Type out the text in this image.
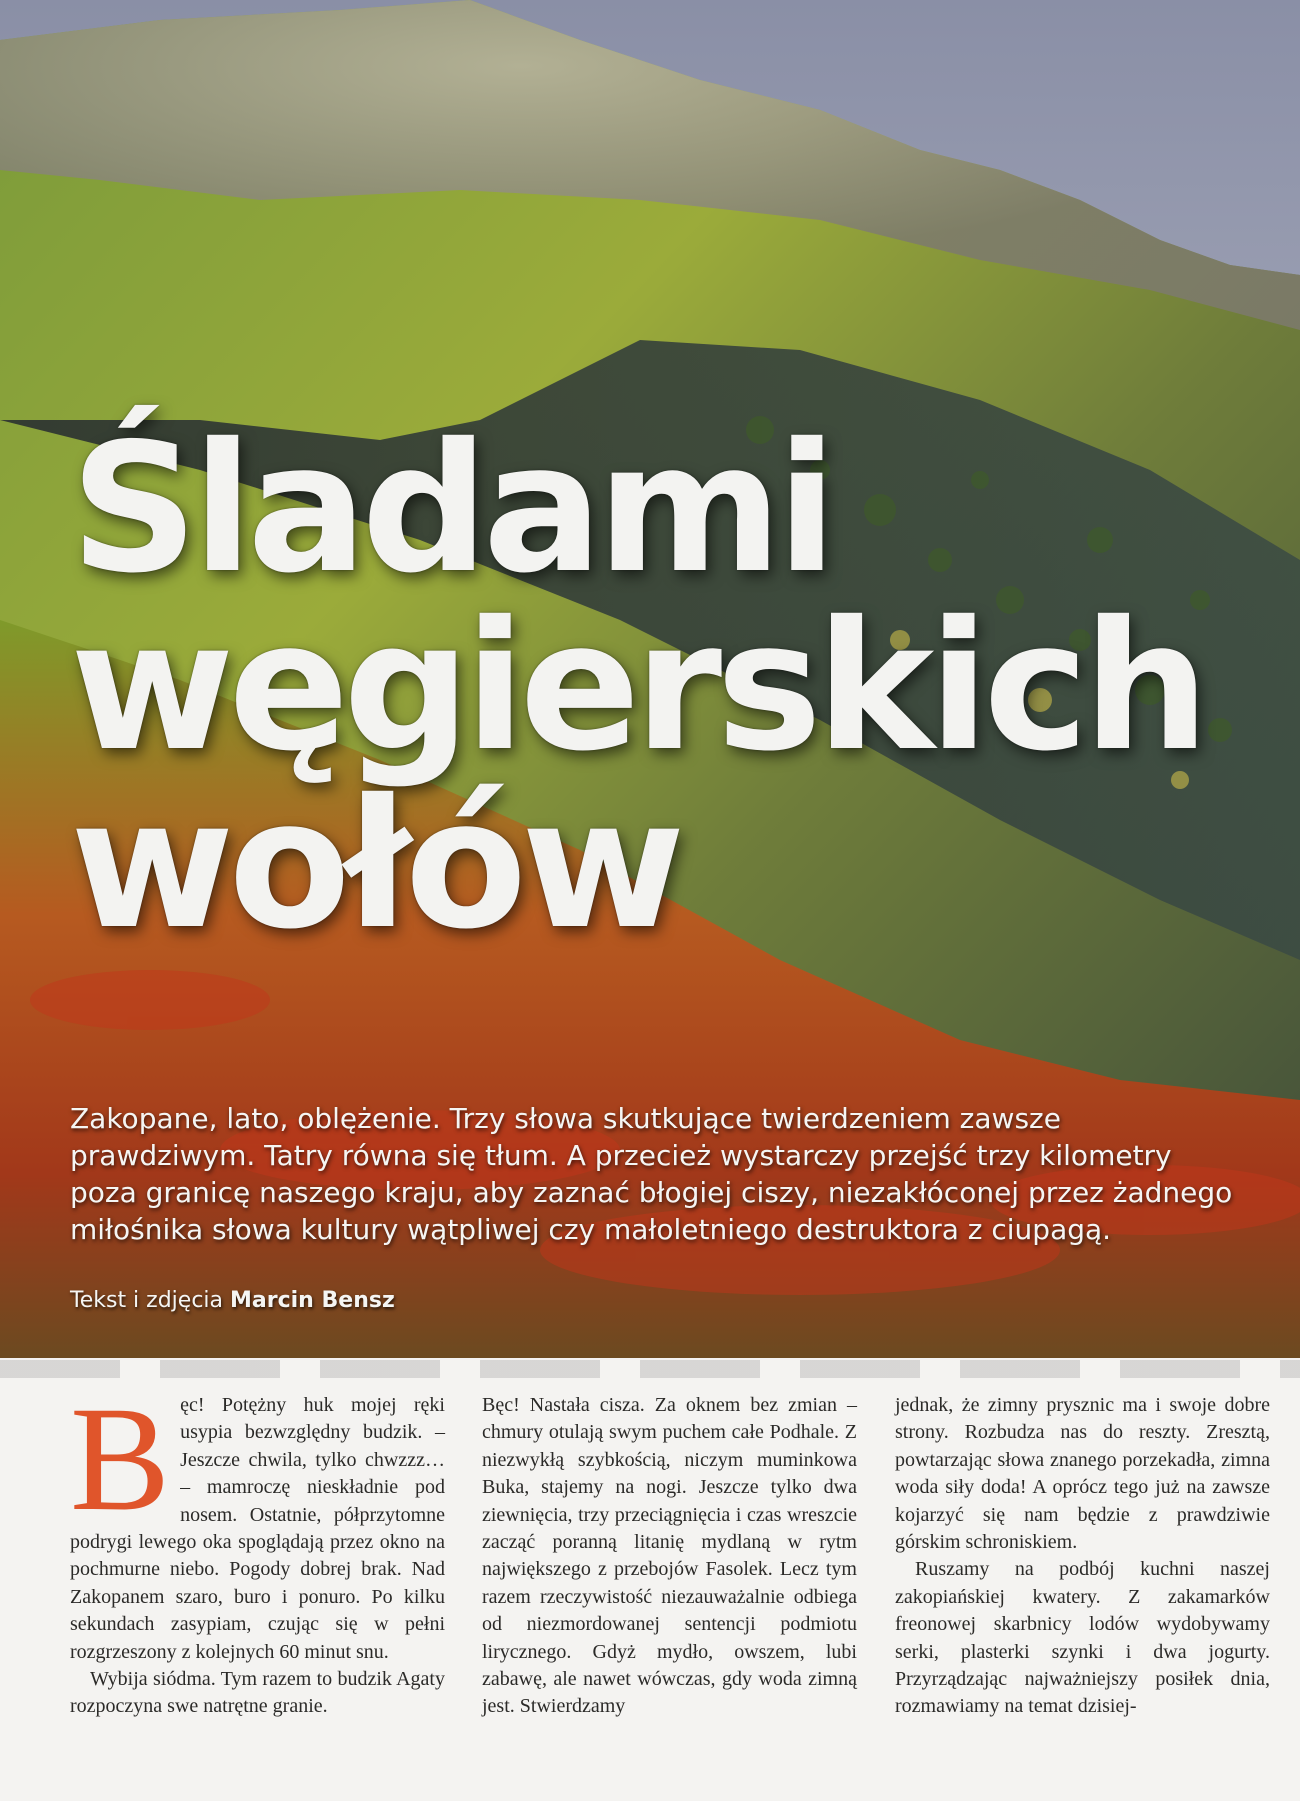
Śladami
węgierskich
wołów

Zakopane, lato, oblężenie. Trzy słowa skutkujące twierdzeniem zawsze prawdziwym. Tatry równa się tłum. A przecież wystarczy przejść trzy kilometry poza granicę naszego kraju, aby zaznać błogiej ciszy, niezakłóconej przez żadnego miłośnika słowa kultury wątpliwej czy małoletniego destruktora z ciupagą.

Tekst i zdjęcia Marcin Bensz

Bęc! Potężny huk mojej ręki usypia bezwzględny budzik. – Jeszcze chwila, tylko chwzzz… – mamroczę nieskładnie pod nosem. Ostatnie, półprzytomne podrygi lewego oka spoglądają przez okno na pochmurne niebo. Pogody dobrej brak. Nad Zakopanem szaro, buro i ponuro. Po kilku sekundach zasypiam, czując się w pełni rozgrzeszony z kolejnych 60 minut snu.

Wybija siódma. Tym razem to budzik Agaty rozpoczyna swe natrętne granie.

Bęc! Nastała cisza. Za oknem bez zmian – chmury otulają swym puchem całe Podhale. Z niezwykłą szybkością, niczym muminkowa Buka, stajemy na nogi. Jeszcze tylko dwa ziewnięcia, trzy przeciągnięcia i czas wreszcie zacząć poranną litanię mydlaną w rytm największego z przebojów Fasolek. Lecz tym razem rzeczywistość niezauważalnie odbiega od niezmordowanej sentencji podmiotu lirycznego. Gdyż mydło, owszem, lubi zabawę, ale nawet wówczas, gdy woda zimną jest. Stwierdzamy

jednak, że zimny prysznic ma i swoje dobre strony. Rozbudza nas do reszty. Zresztą, powtarzając słowa znanego porzekadła, zimna woda siły doda! A oprócz tego już na zawsze kojarzyć się nam będzie z prawdziwie górskim schroniskiem.

Ruszamy na podbój kuchni naszej zakopiańskiej kwatery. Z zakamarków freonowej skarbnicy lodów wydobywamy serki, plasterki szynki i dwa jogurty. Przyrządzając najważniejszy posiłek dnia, rozmawiamy na temat dzisiej-
